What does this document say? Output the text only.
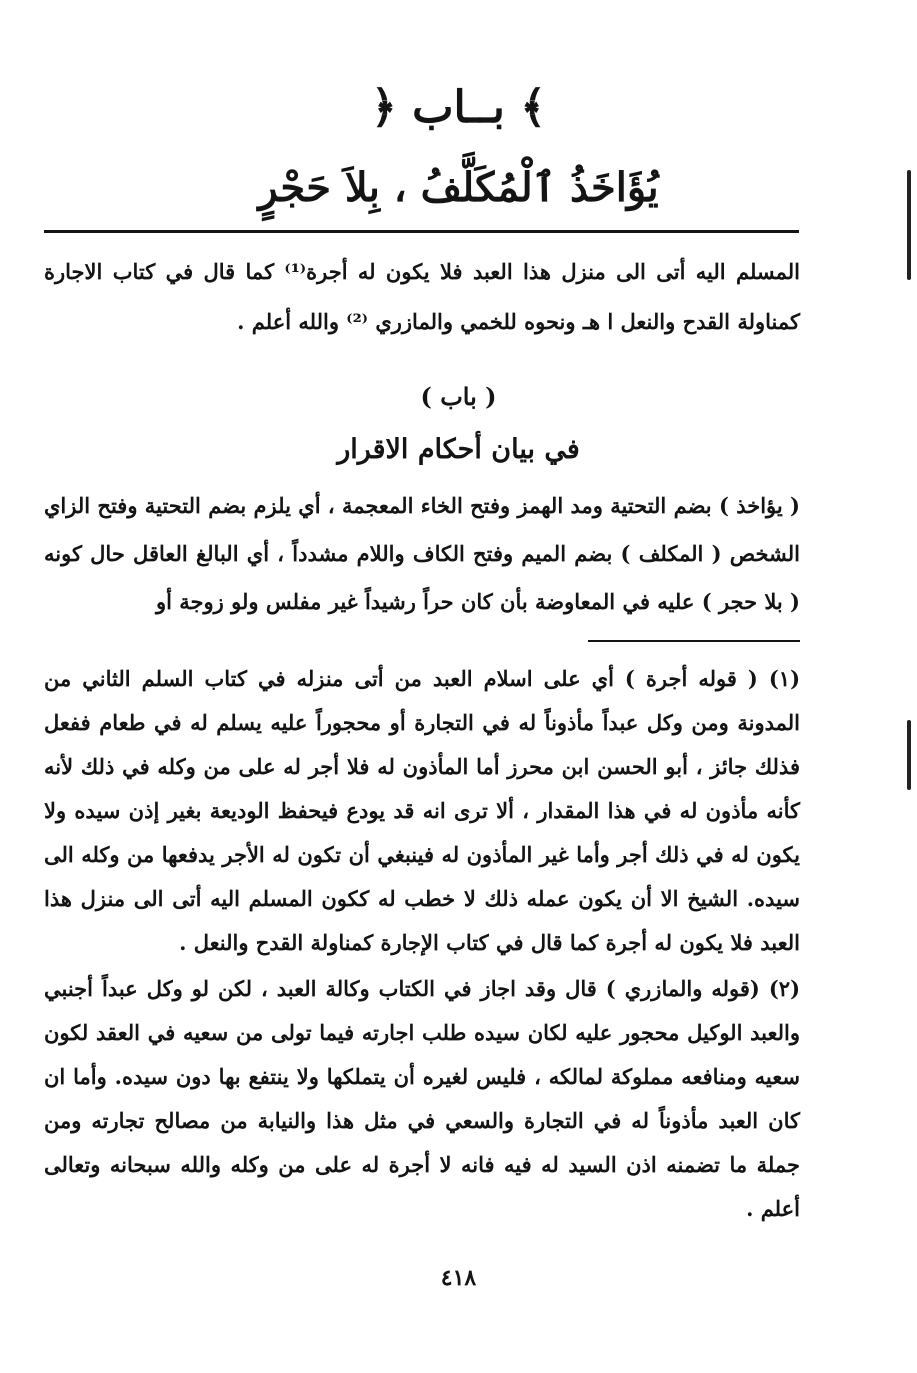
﴿ بــاب ﴾
يُؤَاخَذُ ٱلْمُكَلَّفُ ، بِلاَ حَجْرٍ
المسلم اليه أتى الى منزل هذا العبد فلا يكون له أجرة⁽¹⁾ كما قال في كتاب الاجارة كمناولة القدح والنعل ا هـ ونحوه للخمي والمازري ⁽²⁾ والله أعلم .
( باب )
في بيان أحكام الاقرار
( يؤاخذ ) بضم التحتية ومد الهمز وفتح الخاء المعجمة ، أي يلزم بضم التحتية وفتح الزاي الشخص ( المكلف ) بضم الميم وفتح الكاف واللام مشدداً ، أي البالغ العاقل حال كونه ( بلا حجر ) عليه في المعاوضة بأن كان حراً رشيداً غير مفلس ولو زوجة أو
(١) ( قوله أجرة ) أي على اسلام العبد من أتى منزله في كتاب السلم الثاني من المدونة ومن وكل عبداً مأذوناً له في التجارة أو محجوراً عليه يسلم له في طعام ففعل فذلك جائز ، أبو الحسن ابن محرز أما المأذون له فلا أجر له على من وكله في ذلك لأنه كأنه مأذون له في هذا المقدار ، ألا ترى انه قد يودع فيحفظ الوديعة بغير إذن سيده ولا يكون له في ذلك أجر وأما غير المأذون له فينبغي أن تكون له الأجر يدفعها من وكله الى سيده. الشيخ الا أن يكون عمله ذلك لا خطب له ككون المسلم اليه أتى الى منزل هذا العبد فلا يكون له أجرة كما قال في كتاب الإجارة كمناولة القدح والنعل .
(٢) (قوله والمازري ) قال وقد اجاز في الكتاب وكالة العبد ، لكن لو وكل عبداً أجنبي والعبد الوكيل محجور عليه لكان سيده طلب اجارته فيما تولى من سعيه في العقد لكون سعيه ومنافعه مملوكة لمالكه ، فليس لغيره أن يتملكها ولا ينتفع بها دون سيده. وأما ان كان العبد مأذوناً له في التجارة والسعي في مثل هذا والنيابة من مصالح تجارته ومن جملة ما تضمنه اذن السيد له فيه فانه لا أجرة له على من وكله والله سبحانه وتعالى أعلم .
٤١٨
